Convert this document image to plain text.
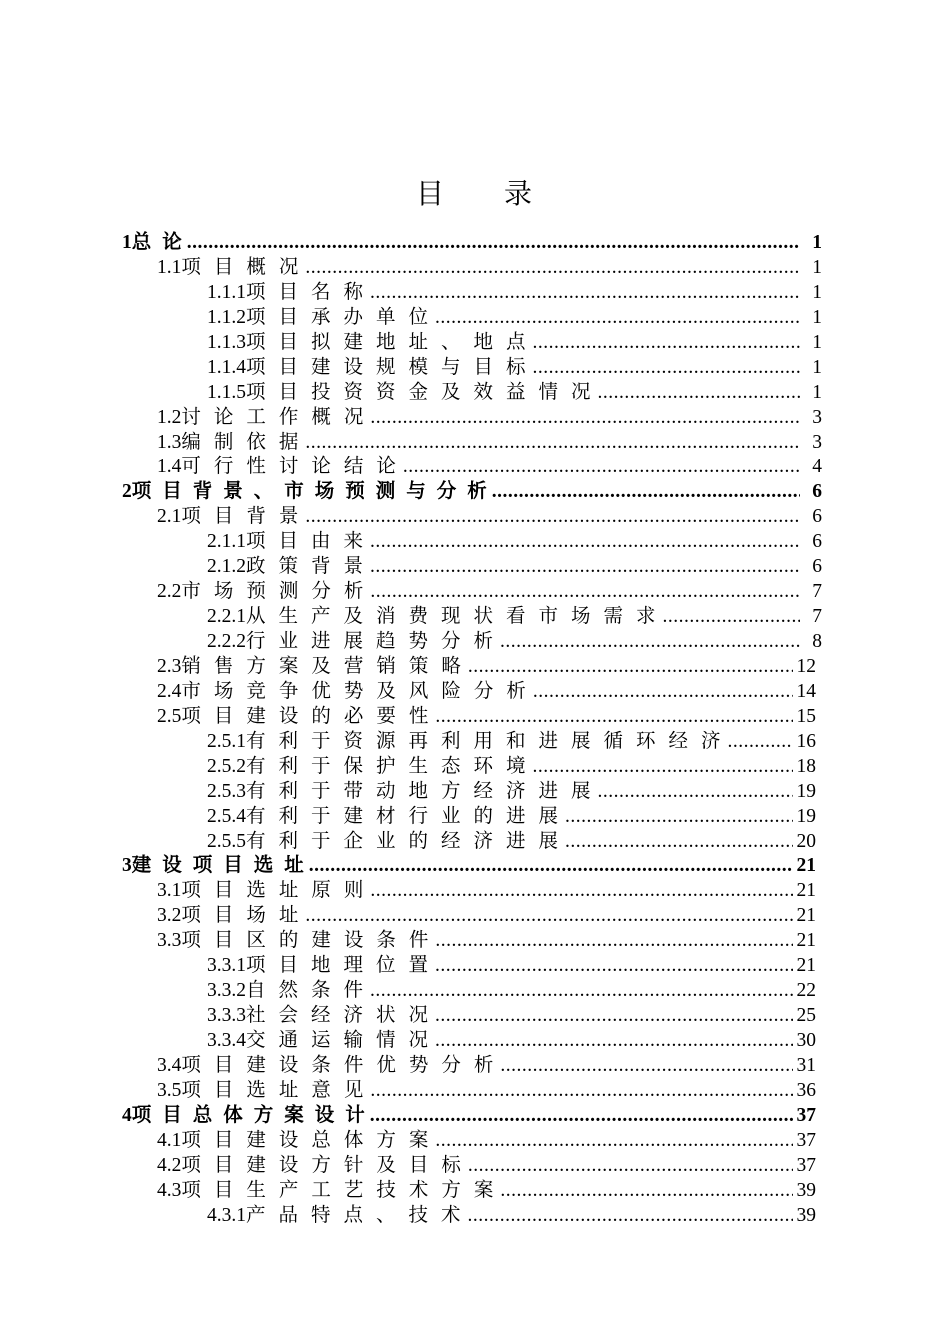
目 录
1 总论 .....	1
1.1 项目概况 .....	1
1.1.1 项目名称 .....	1
1.1.2 项目承办单位 .....	1
1.1.3 项目拟建地址、地点 .....	1
1.1.4 项目建设规模与目标 .....	1
1.1.5 项目投资资金及效益情况 .....	1
1.2 讨论工作概况 .....	3
1.3 编制依据 .....	3
1.4 可行性讨论结论 .....	4
2 项目背景、市场预测与分析 .....	6
2.1 项目背景 .....	6
2.1.1 项目由来 .....	6
2.1.2 政策背景 .....	6
2.2 市场预测分析 .....	7
2.2.1 从生产及消费现状看市场需求 .....	7
2.2.2 行业进展趋势分析 .....	8
2.3 销售方案及营销策略 .....	12
2.4 市场竞争优势及风险分析 .....	14
2.5 项目建设的必要性 .....	15
2.5.1 有利于资源再利用和进展循环经济 .....	16
2.5.2 有利于保护生态环境 .....	18
2.5.3 有利于带动地方经济进展 .....	19
2.5.4 有利于建材行业的进展 .....	19
2.5.5 有利于企业的经济进展 .....	20
3 建设项目选址 .....	21
3.1 项目选址原则 .....	21
3.2 项目场址 .....	21
3.3 项目区的建设条件 .....	21
3.3.1 项目地理位置 .....	21
3.3.2 自然条件 .....	22
3.3.3 社会经济状况 .....	25
3.3.4 交通运输情况 .....	30
3.4 项目建设条件优势分析 .....	31
3.5 项目选址意见 .....	36
4 项目总体方案设计 .....	37
4.1 项目建设总体方案 .....	37
4.2 项目建设方针及目标 .....	37
4.3 项目生产工艺技术方案 .....	39
4.3.1 产品特点、技术 .....	39
